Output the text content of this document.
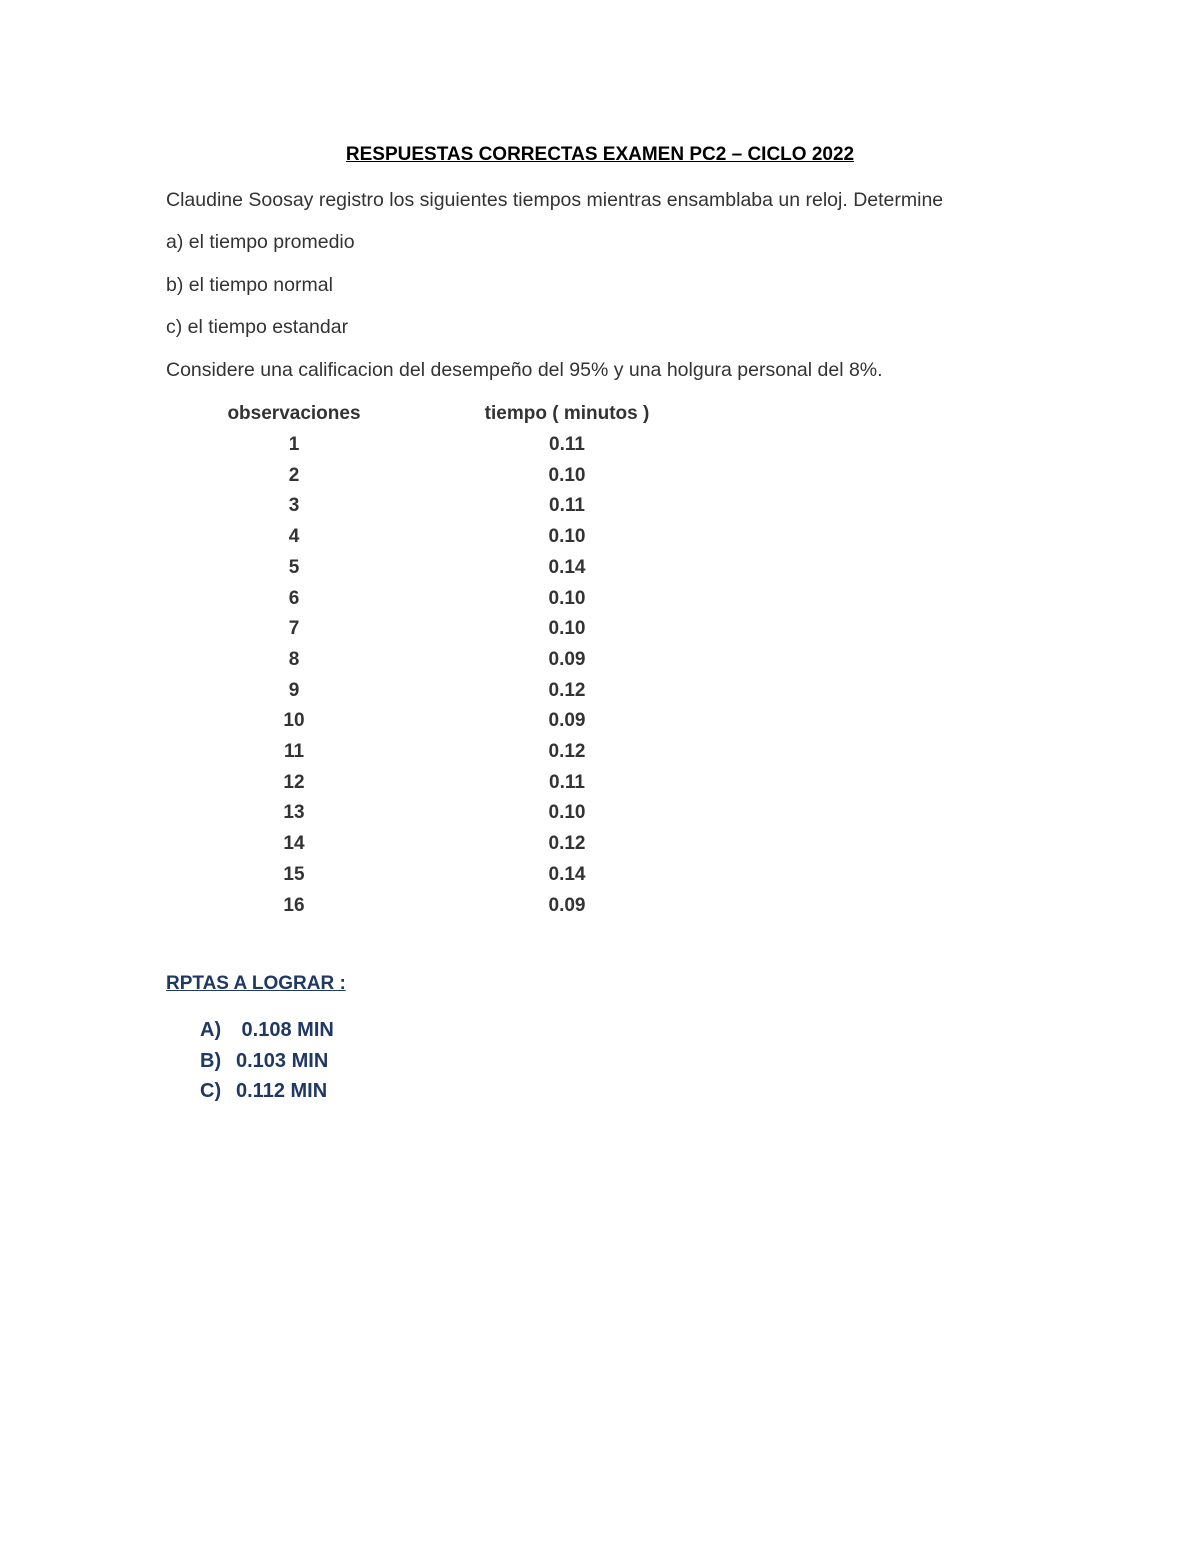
RESPUESTAS CORRECTAS EXAMEN PC2 – CICLO 2022
Claudine Soosay registro los siguientes tiempos mientras ensamblaba un reloj. Determine
a) el tiempo promedio
b) el tiempo normal
c) el tiempo estandar
Considere una calificacion del desempeño del 95% y una holgura personal del 8%.
observaciones	tiempo ( minutos )
1	0.11
2	0.10
3	0.11
4	0.10
5	0.14
6	0.10
7	0.10
8	0.09
9	0.12
10	0.09
11	0.12
12	0.11
13	0.10
14	0.12
15	0.14
16	0.09
RPTAS A LOGRAR :
A) 0.108 MIN
B) 0.103 MIN
C) 0.112 MIN
